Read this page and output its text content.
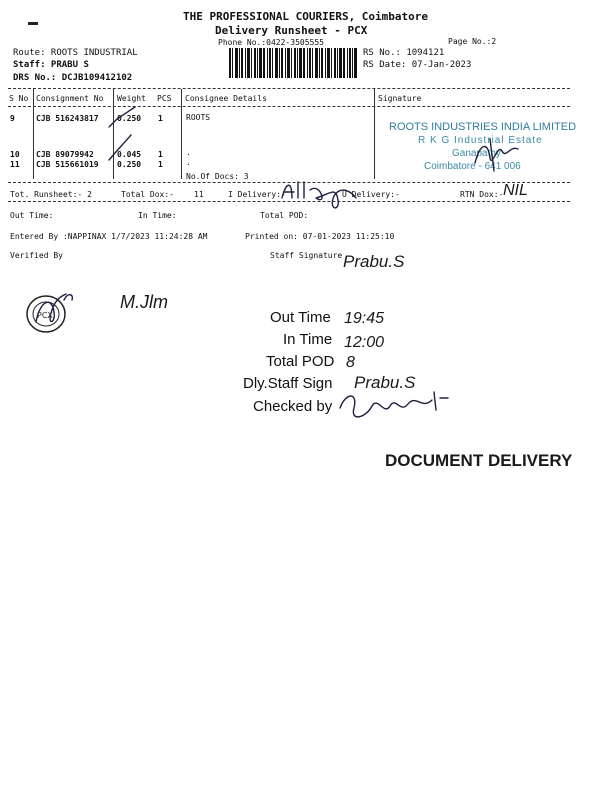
THE PROFESSIONAL COURIERS, Coimbatore
Delivery Runsheet - PCX
Phone No.:0422-3505555	Page No.:2
Route: ROOTS INDUSTRIAL
Staff: PRABU S
DRS No.: DCJB109412102
RS No.: 1094121
RS Date: 07-Jan-2023
S No Consignment No Weight PCS Consignee Details	Signature
9	CJB 516243817 0.250 1	ROOTS
10 CJB 89079942	0.045 1	.
11 CJB 515661019 0.250 1	.
No.Of Docs: 3
ROOTS INDUSTRIES INDIA LIMITED
R K G Industrial Estate
Ganapathy
Coimbatore - 641 006
Tot. Runsheet:- 2	Total Dox:-	11	I Delivery:-	U Delivery:-	RTN Dox:- NIL
Out Time:	In Time:	Total POD:
Entered By :NAPPINAX 1/7/2023 11:24:28 AM	Printed on: 07-01-2023 11:25:10
Verified By	Staff Signature Prabu.S
PCX
M.Jlm
Out Time 19:45
In Time 12:00
Total POD 8
Dly.Staff Sign Prabu.S
Checked by
DOCUMENT DELIVERY
